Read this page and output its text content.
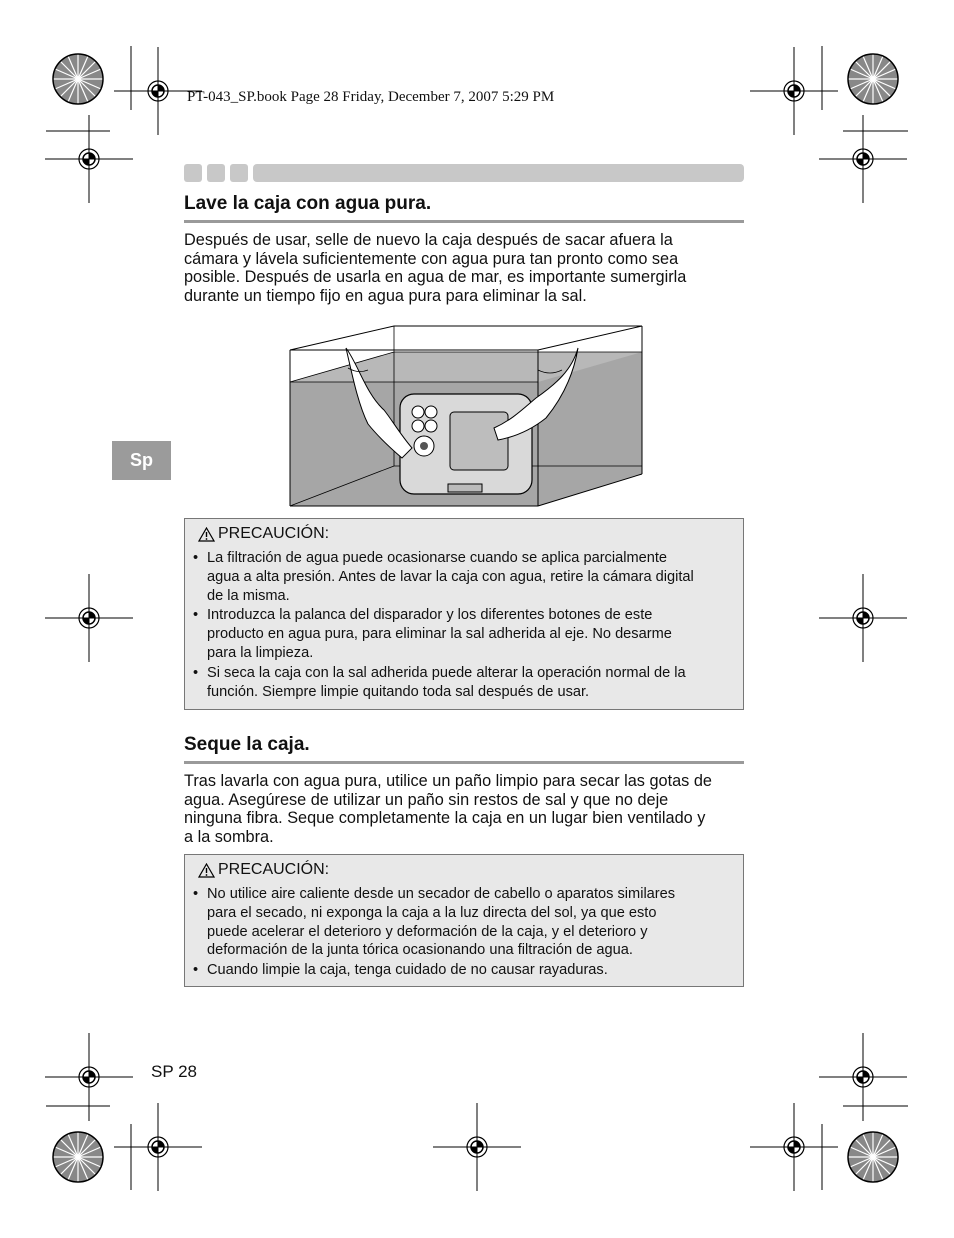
PT-043_SP.book Page 28 Friday, December 7, 2007 5:29 PM
Lave la caja con agua pura.
Después de usar, selle de nuevo la caja después de sacar afuera la
cámara y lávela suficientemente con agua pura tan pronto como sea
posible. Después de usarla en agua de mar, es importante sumergirla
durante un tiempo fijo en agua pura para eliminar la sal.
Sp
PRECAUCIÓN:
• La filtración de agua puede ocasionarse cuando se aplica parcialmente
agua a alta presión. Antes de lavar la caja con agua, retire la cámara digital
de la misma.
• Introduzca la palanca del disparador y los diferentes botones de este
producto en agua pura, para eliminar la sal adherida al eje. No desarme
para la limpieza.
• Si seca la caja con la sal adherida puede alterar la operación normal de la
función. Siempre limpie quitando toda sal después de usar.
Seque la caja.
Tras lavarla con agua pura, utilice un paño limpio para secar las gotas de
agua. Asegúrese de utilizar un paño sin restos de sal y que no deje
ninguna fibra. Seque completamente la caja en un lugar bien ventilado y
a la sombra.
PRECAUCIÓN:
• No utilice aire caliente desde un secador de cabello o aparatos similares
para el secado, ni exponga la caja a la luz directa del sol, ya que esto
puede acelerar el deterioro y deformación de la caja, y el deterioro y
deformación de la junta tórica ocasionando una filtración de agua.
• Cuando limpie la caja, tenga cuidado de no causar rayaduras.
SP 28
